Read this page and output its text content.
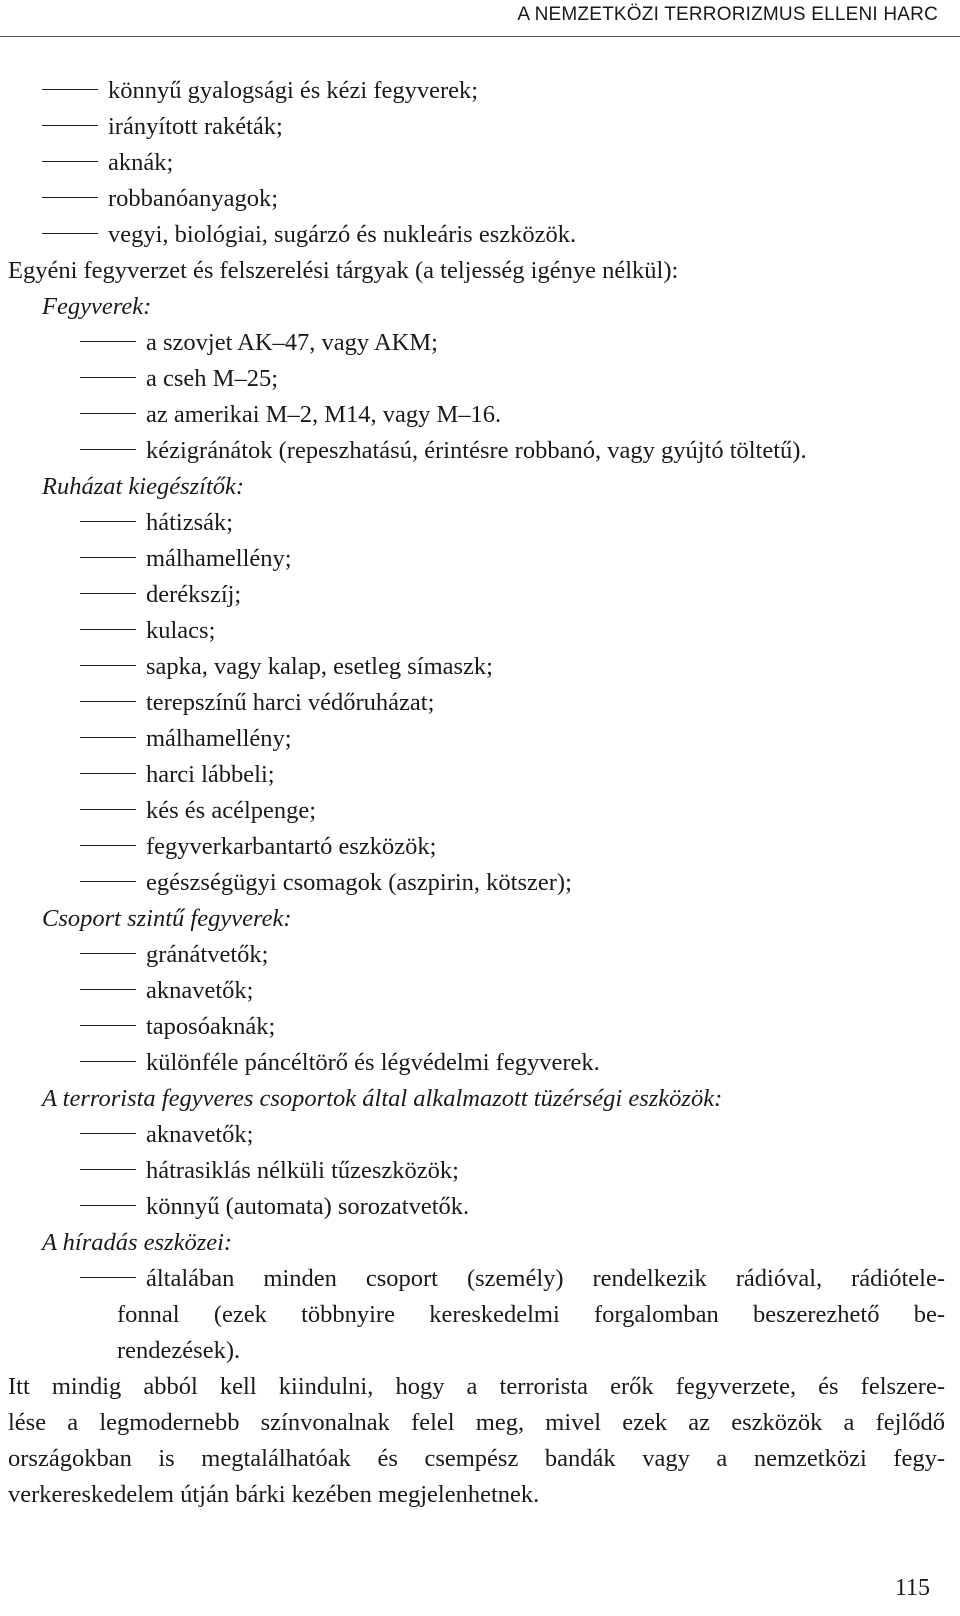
A NEMZETKÖZI TERRORIZMUS ELLENI HARC
könnyű gyalogsági és kézi fegyverek;
irányított rakéták;
aknák;
robbanóanyagok;
vegyi, biológiai, sugárzó és nukleáris eszközök.
Egyéni fegyverzet és felszerelési tárgyak (a teljesség igénye nélkül):
Fegyverek:
a szovjet AK–47, vagy AKM;
a cseh M–25;
az amerikai M–2, M14, vagy M–16.
kézigránátok (repeszhatású, érintésre robbanó, vagy gyújtó töltetű).
Ruházat kiegészítők:
hátizsák;
málhamellény;
derékszíj;
kulacs;
sapka, vagy kalap, esetleg símaszk;
terepszínű harci védőruházat;
málhamellény;
harci lábbeli;
kés és acélpenge;
fegyverkarbantartó eszközök;
egészségügyi csomagok (aszpirin, kötszer);
Csoport szintű fegyverek:
gránátvetők;
aknavetők;
taposóaknák;
különféle páncéltörő és légvédelmi fegyverek.
A terrorista fegyveres csoportok által alkalmazott tüzérségi eszközök:
aknavetők;
hátrasiklás nélküli tűzeszközök;
könnyű (automata) sorozatvetők.
A híradás eszközei:
általában minden csoport (személy) rendelkezik rádióval, rádiótele-
fonnal (ezek többnyire kereskedelmi forgalomban beszerezhető be-
rendezések).
Itt mindig abból kell kiindulni, hogy a terrorista erők fegyverzete, és felszere-
lése a legmodernebb színvonalnak felel meg, mivel ezek az eszközök a fejlődő
országokban is megtalálhatóak és csempész bandák vagy a nemzetközi fegy-
verkereskedelem útján bárki kezében megjelenhetnek.
115
